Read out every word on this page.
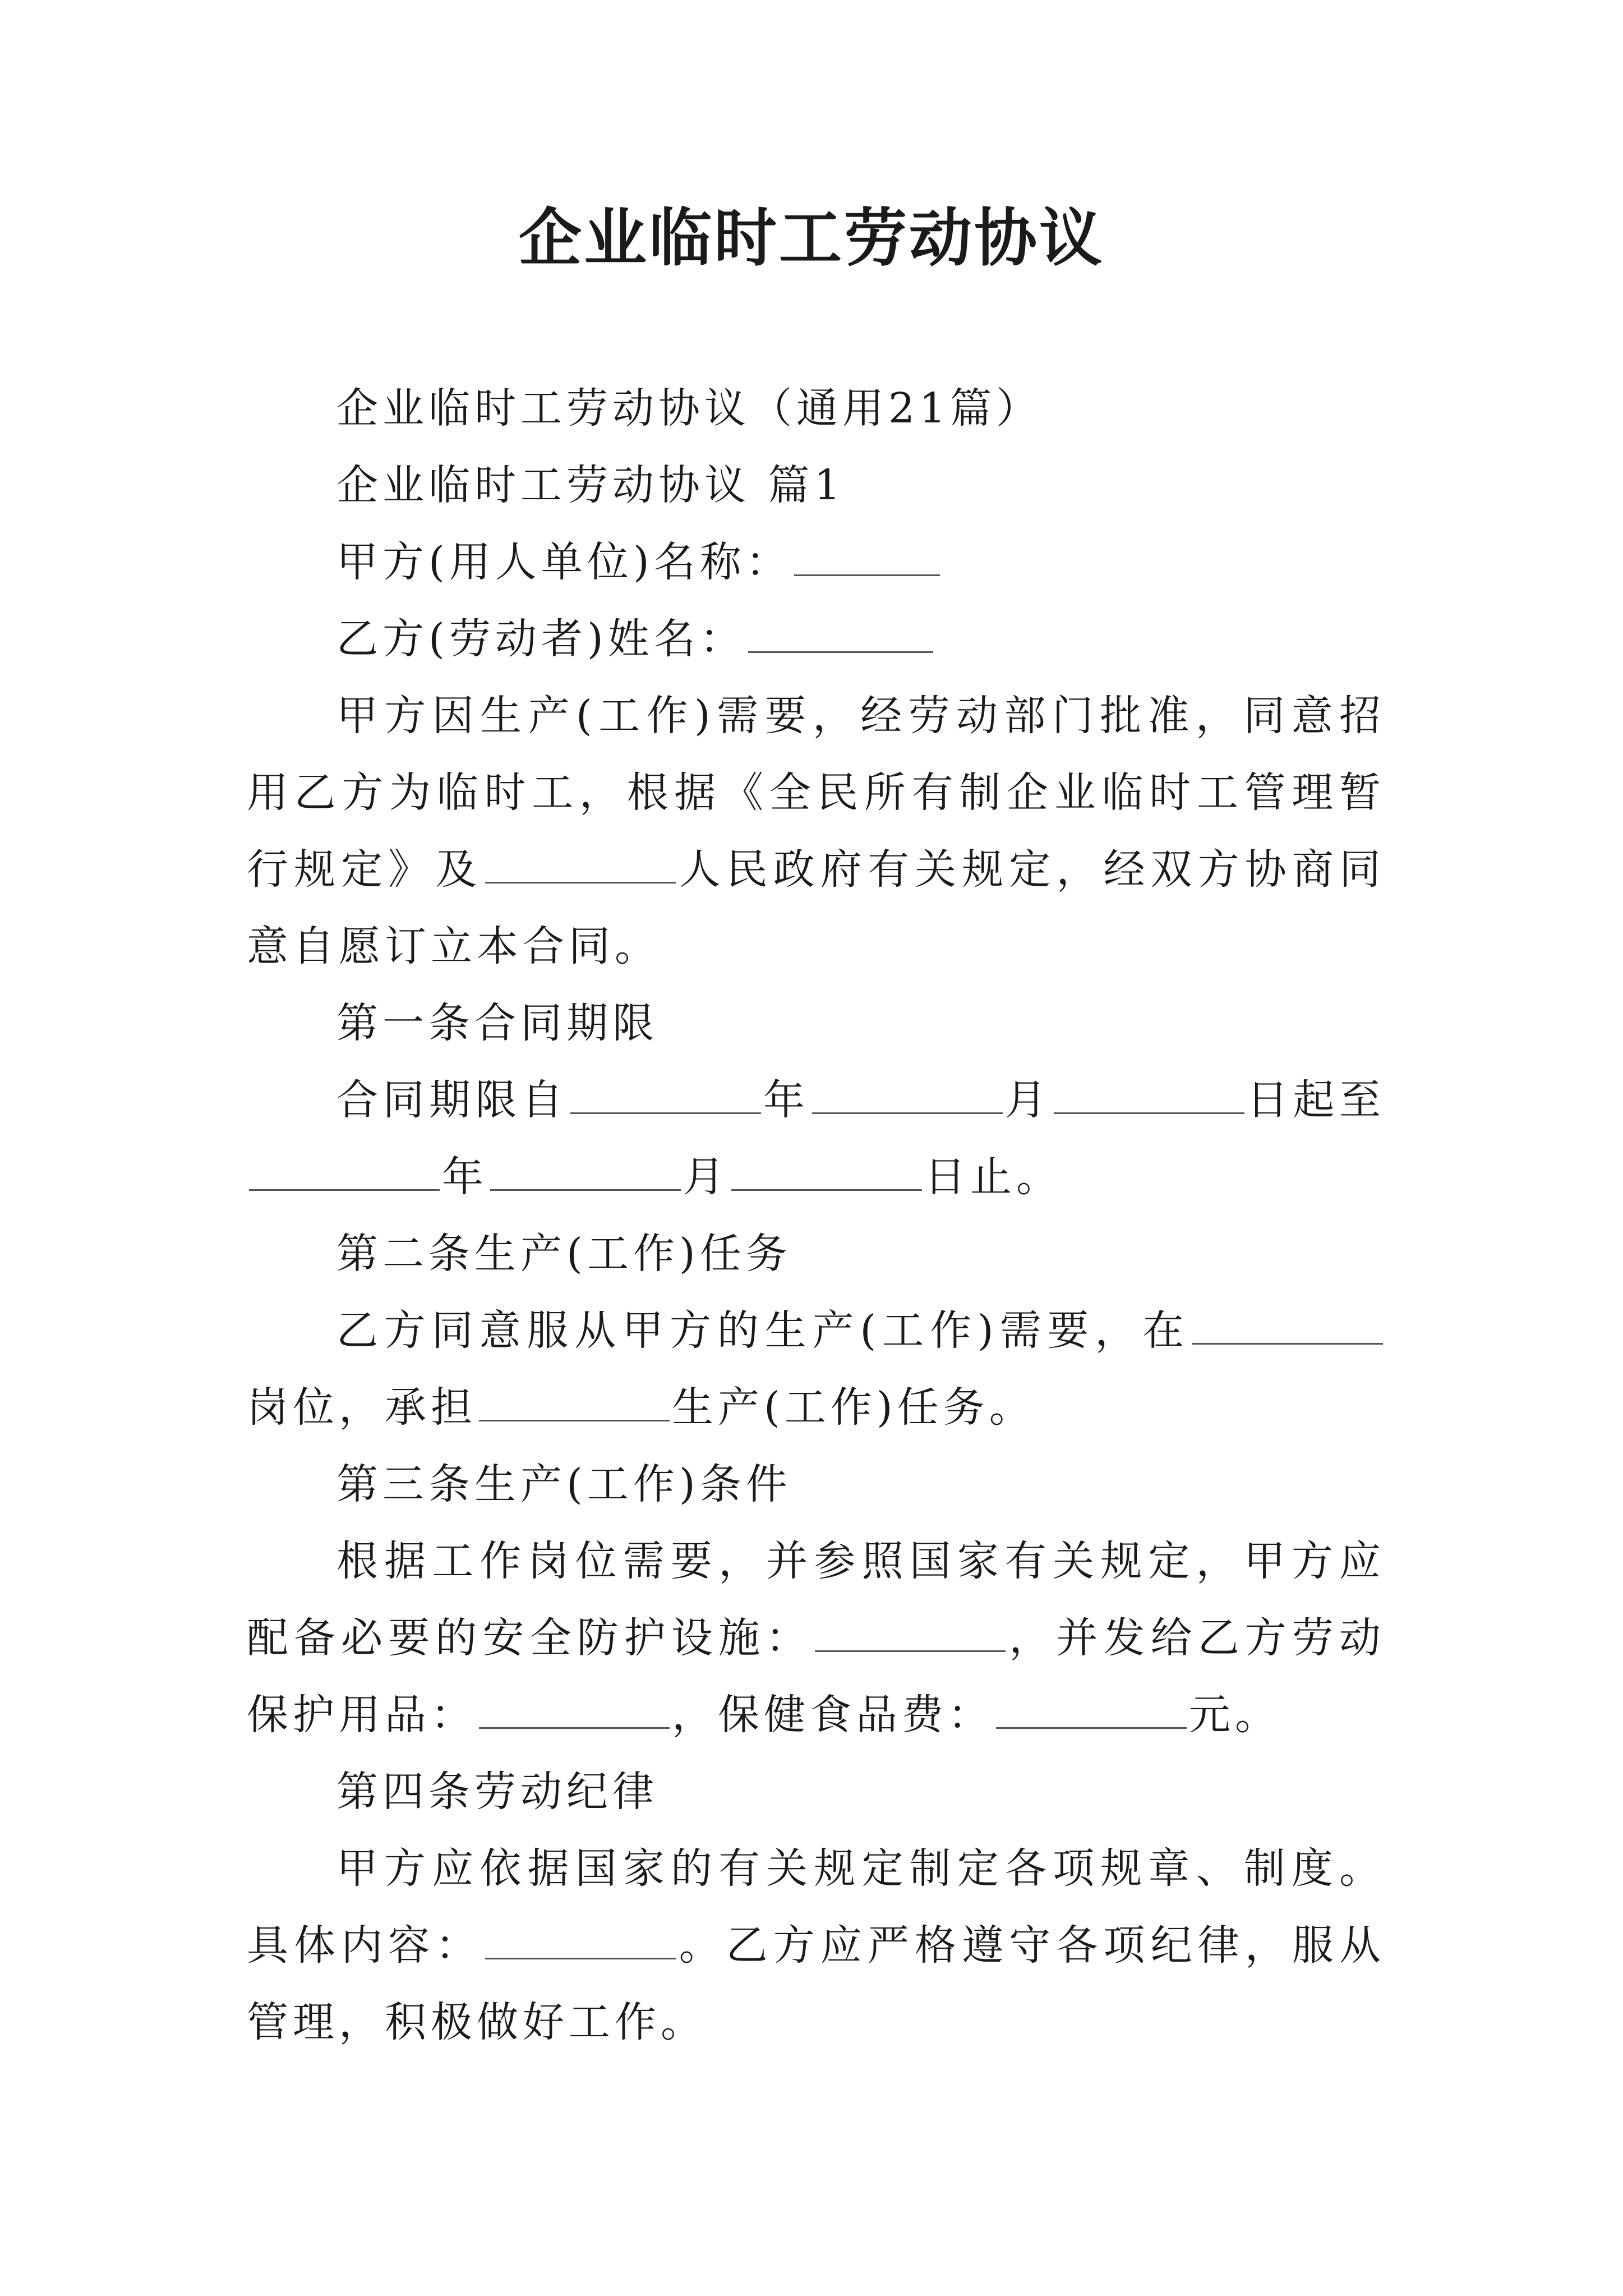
企业临时工劳动协议

企业临时工劳动协议（通用21篇）

企业临时工劳动协议 篇1

甲方(用人单位)名称：

乙方(劳动者)姓名：

甲方因生产(工作)需要，经劳动部门批准，同意招用乙方为临时工，根据《全民所有制企业临时工管理暂行规定》及	人民政府有关规定，经双方协商同意自愿订立本合同。

第一条合同期限

合同期限自	年	月	日起至年	月	日止。

第二条生产(工作)任务

乙方同意服从甲方的生产(工作)需要，在岗位，承担	生产(工作)任务。

第三条生产(工作)条件

根据工作岗位需要，并参照国家有关规定，甲方应配备必要的安全防护设施：	，并发给乙方劳动保护用品：	，保健食品费：	元。

第四条劳动纪律

甲方应依据国家的有关规定制定各项规章、制度。具体内容：	。乙方应严格遵守各项纪律，服从管理，积极做好工作。
